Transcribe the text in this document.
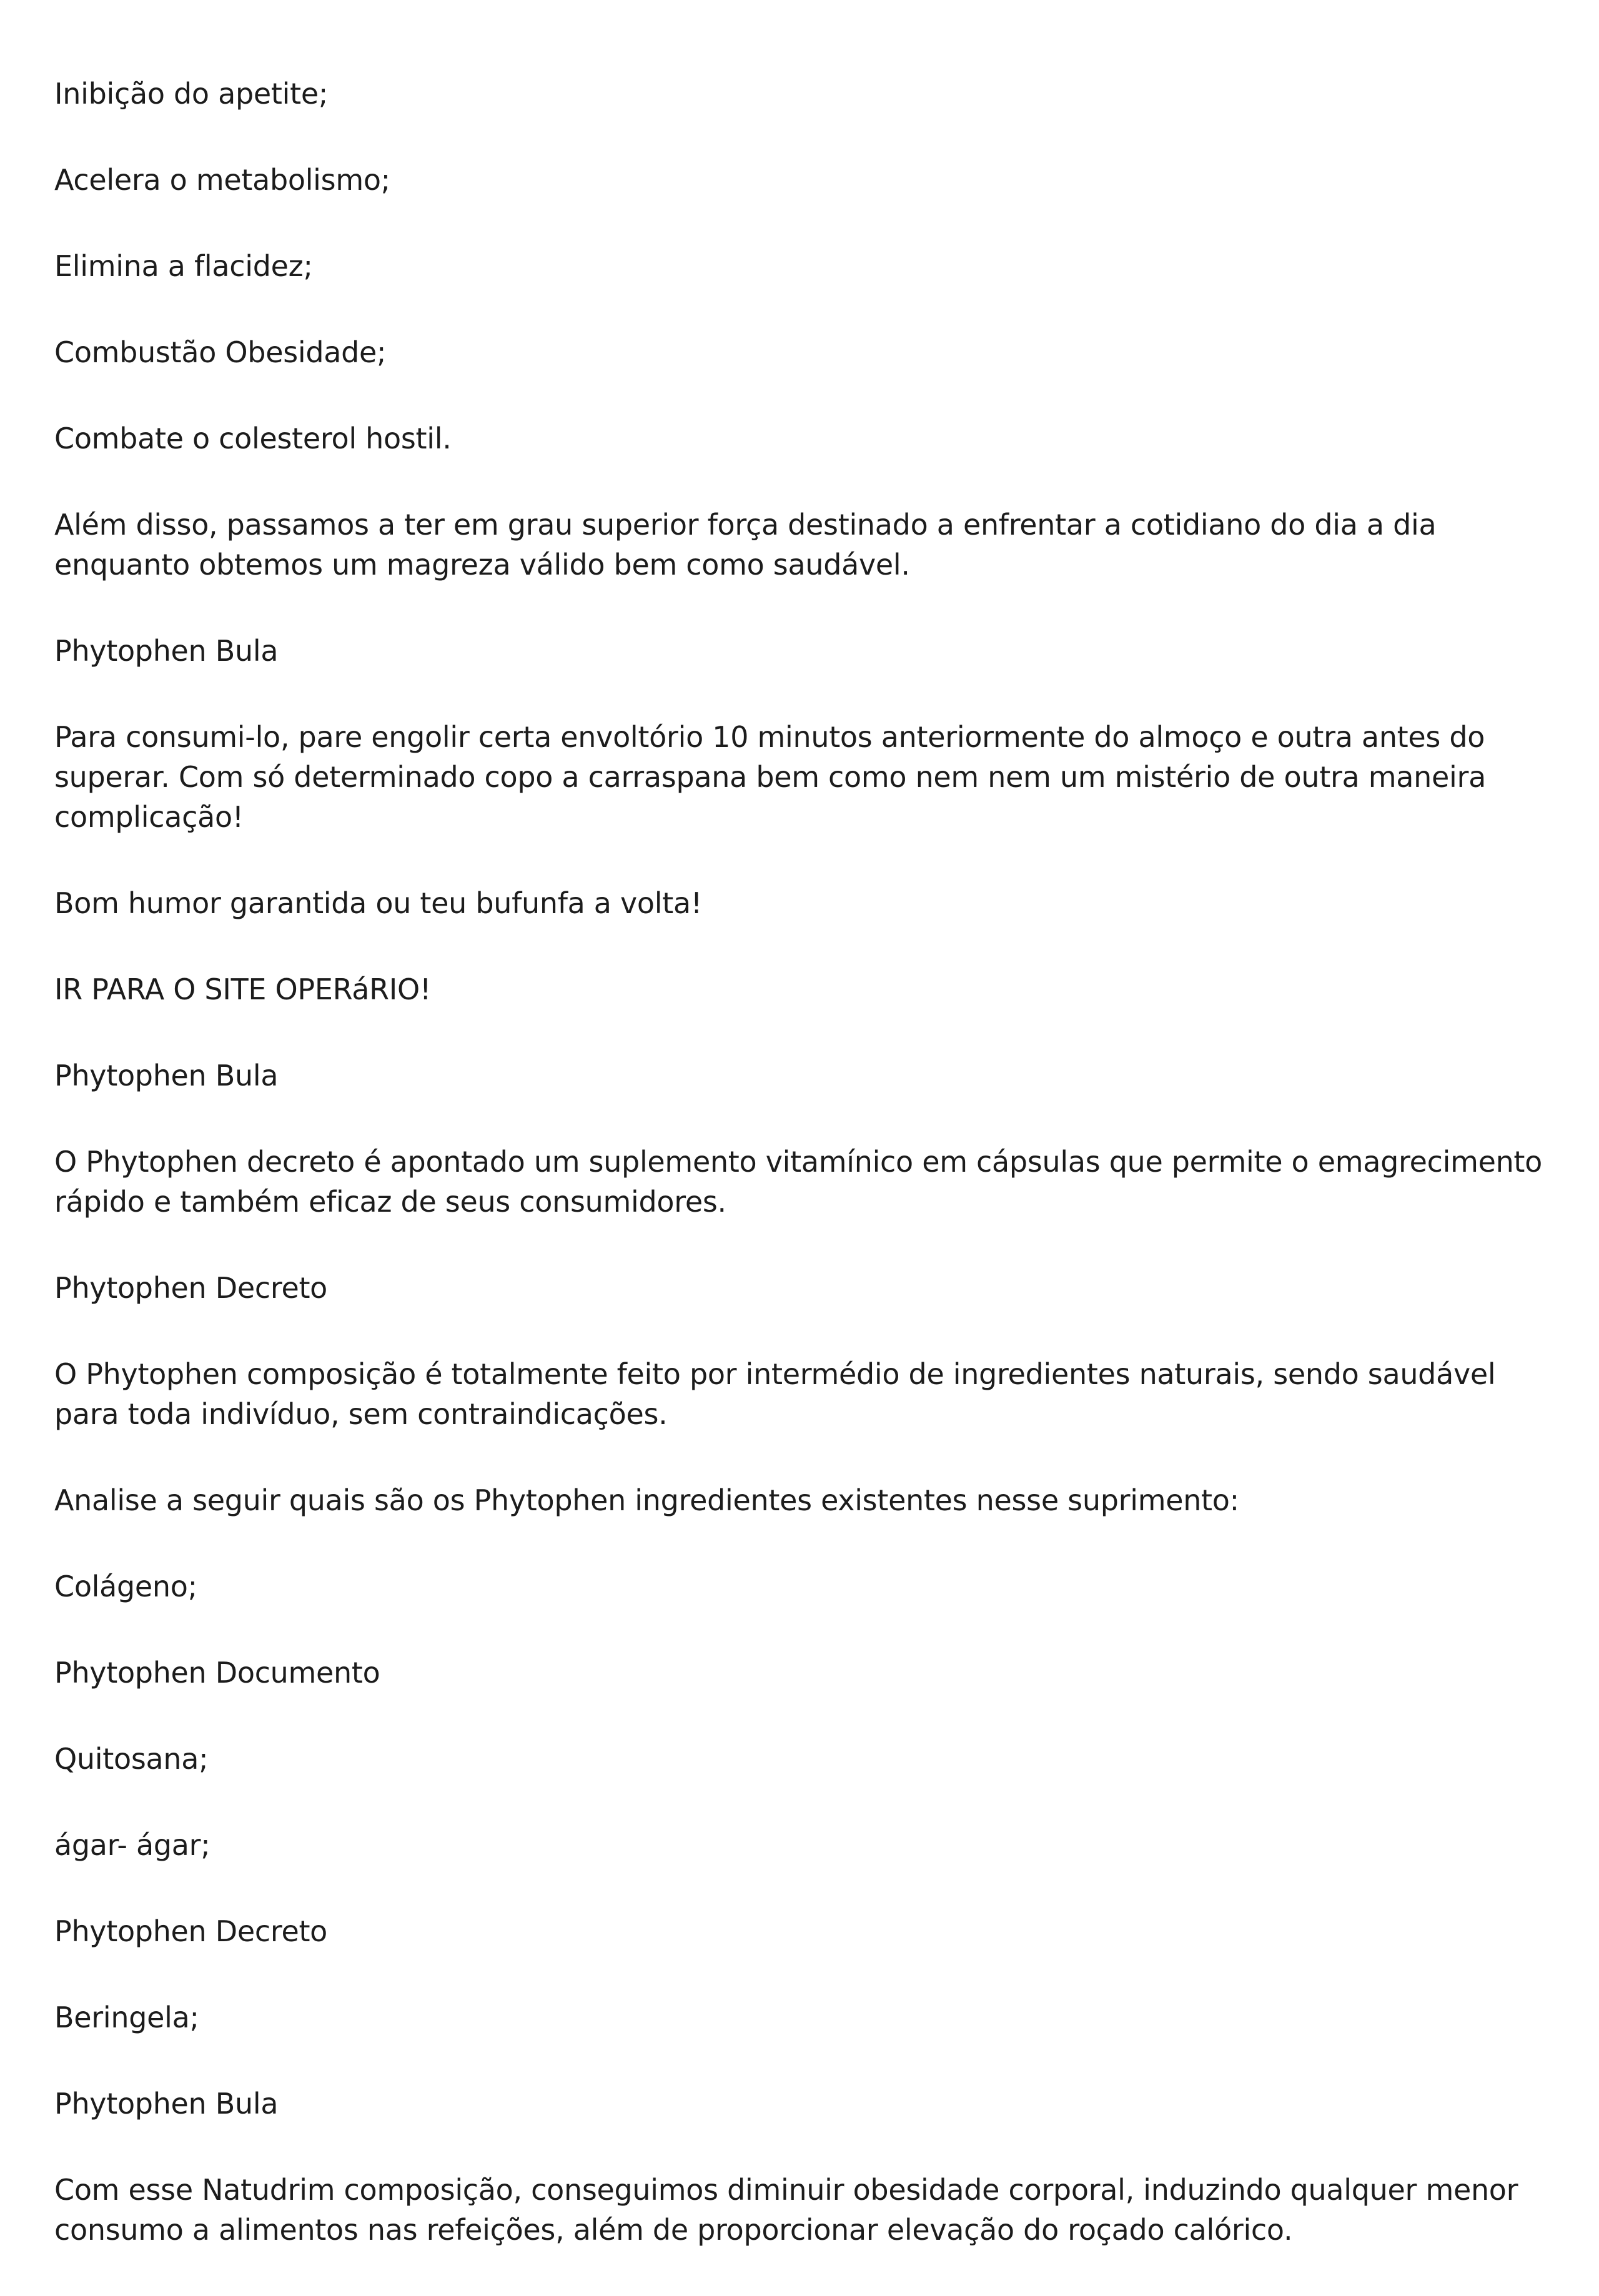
Inibição do apetite;

Acelera o metabolismo;

Elimina a flacidez;

Combustão Obesidade;

Combate o colesterol hostil.

Além disso, passamos a ter em grau superior força destinado a enfrentar a cotidiano do dia a dia enquanto obtemos um magreza válido bem como saudável.

Phytophen Bula

Para consumi-lo, pare engolir certa envoltório 10 minutos anteriormente do almoço e outra antes do superar. Com só determinado copo a carraspana bem como nem nem um mistério de outra maneira complicação!

Bom humor garantida ou teu bufunfa a volta!

IR PARA O SITE OPERáRIO!

Phytophen Bula

O Phytophen decreto é apontado um suplemento vitamínico em cápsulas que permite o emagrecimento rápido e também eficaz de seus consumidores.

Phytophen Decreto

O Phytophen composição é totalmente feito por intermédio de ingredientes naturais, sendo saudável para toda indivíduo, sem contraindicações.

Analise a seguir quais são os Phytophen ingredientes existentes nesse suprimento:

Colágeno;

Phytophen Documento

Quitosana;

ágar- ágar;

Phytophen Decreto

Beringela;

Phytophen Bula

Com esse Natudrim composição, conseguimos diminuir obesidade corporal, induzindo qualquer menor consumo a alimentos nas refeições, além de proporcionar elevação do roçado calórico.
